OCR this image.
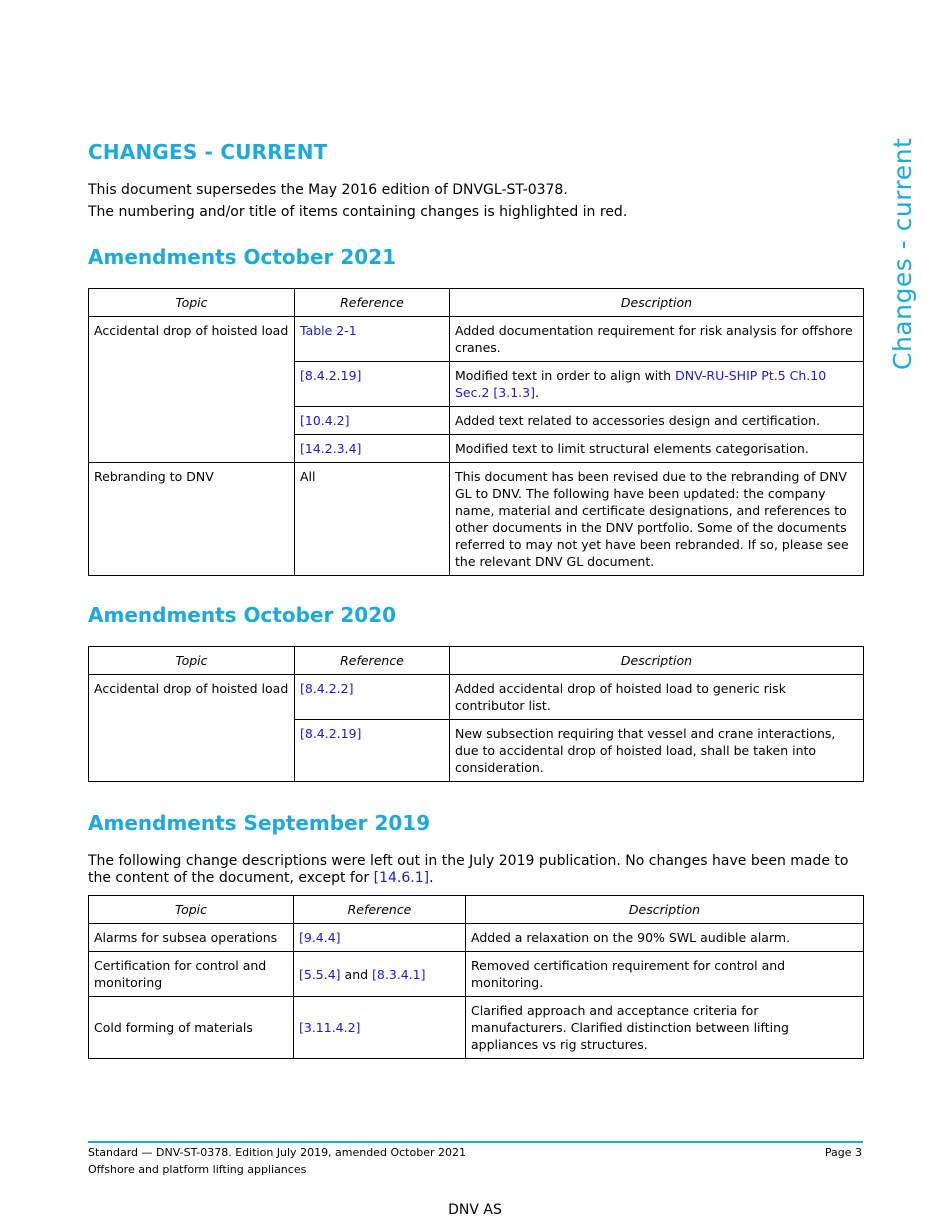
CHANGES - CURRENT	Changes - current

This document supersedes the May 2016 edition of DNVGL-ST-0378.

The numbering and/or title of items containing changes is highlighted in red.

Amendments October 2021
Topic	Reference	Description
Accidental drop of hoisted load	Table 2-1	Added documentation requirement for risk analysis for offshore cranes.
	[8.4.2.19]	Modified text in order to align with DNV-RU-SHIP Pt.5 Ch.10 Sec.2 [3.1.3].
	[10.4.2]	Added text related to accessories design and certification.
	[14.2.3.4]	Modified text to limit structural elements categorisation.
Rebranding to DNV	All	This document has been revised due to the rebranding of DNV GL to DNV. The following have been updated: the company name, material and certificate designations, and references to other documents in the DNV portfolio. Some of the documents referred to may not yet have been rebranded. If so, please see the relevant DNV GL document.
Amendments October 2020
Topic	Reference	Description
Accidental drop of hoisted load	[8.4.2.2]	Added accidental drop of hoisted load to generic risk contributor list.
	[8.4.2.19]	New subsection requiring that vessel and crane interactions, due to accidental drop of hoisted load, shall be taken into consideration.
Amendments September 2019

The following change descriptions were left out in the July 2019 publication. No changes have been made to the content of the document, except for [14.6.1].

Topic	Reference	Description
Alarms for subsea operations	[9.4.4]	Added a relaxation on the 90% SWL audible alarm.
Certification for control and monitoring	[5.5.4] and [8.3.4.1]	Removed certification requirement for control and monitoring.
Cold forming of materials	[3.11.4.2]	Clarified approach and acceptance criteria for manufacturers. Clarified distinction between lifting appliances vs rig structures.
Standard — DNV-ST-0378. Edition July 2019, amended October 2021
Offshore and platform lifting appliances
Page 3
DNV AS
